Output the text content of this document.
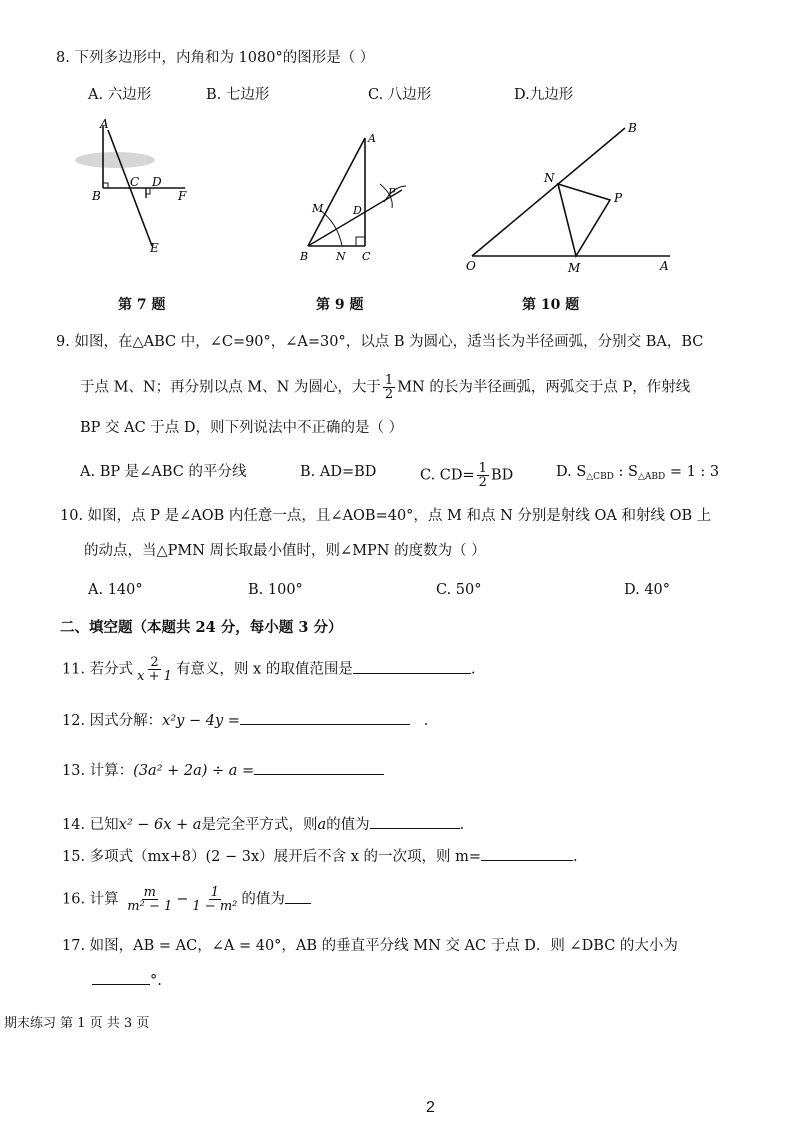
8. 下列多边形中，内角和为 1080°的图形是（ ）
A. 六边形	B. 七边形	C. 八边形	D.九边形
A
B
C D
F
E
第 7 题
A
M	D
P
B	N C
第 9 题
B
N
P
O	M	A
第 10 题
9. 如图，在△ABC 中，∠C=90°，∠A=30°，以点 B 为圆心，适当长为半径画弧，分别交 BA，BC
于点 M、N；再分别以点 M、N 为圆心，大于 $\frac{1}{2}$ MN 的长为半径画弧，两弧交于点 P，作射线
BP 交 AC 于点 D，则下列说法中不正确的是（ ）
A. BP 是∠ABC 的平分线	B. AD=BD	C. $CD= \frac{1}{2}$ BD	D. $S_{\triangle CBD}$ : $S_{\triangle ABD} = 1$ : 3
10. 如图，点 P 是∠AOB 内任意一点，且∠AOB=40°，点 M 和点 N 分别是射线 OA 和射线 OB 上
的动点，当△PMN 周长取最小值时，则∠MPN 的度数为（ ）
A. 140°	B. 100°	C. 50°	D. 40°
二、填空题（本题共 24 分，每小题 3 分）
11. 若分式 $\frac{2}{x + 1}$ 有意义，则 x 的取值范围是	.
12. 因式分解：x²y − 4y =	.
13. 计算：(3a² + 2a) ÷ a =
14. 已知x² − 6x + a是完全平方式，则a的值为	.
15. 多项式（mx+8）(2 − 3x）展开后不含 x 的一次项，则 m=	.
16. 计算 $\frac{m}{\text{m² − 1}} - \frac{1}{\text{1 − m²}}$ 的值为
17. 如图，AB = AC，∠A = 40°，AB 的垂直平分线 MN 交 AC 于点 D．则 ∠DBC 的大小为
°.
期末练习 第 1 页 共 3 页
2
